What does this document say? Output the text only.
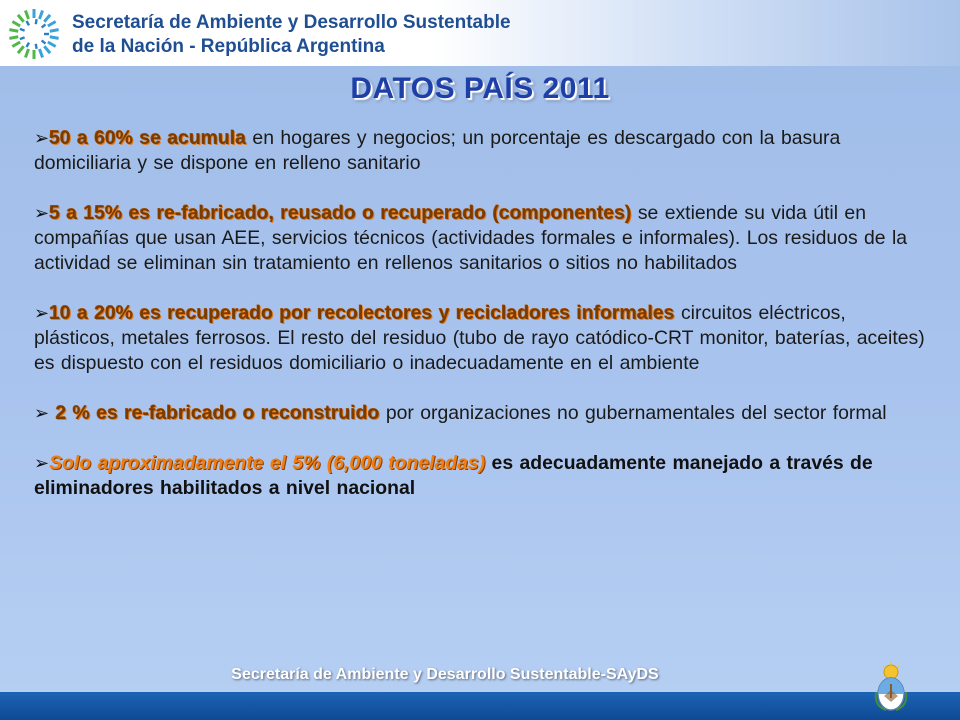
Secretaría de Ambiente y Desarrollo Sustentable
de la Nación - República Argentina
DATOS PAÍS 2011

➢50 a 60% se acumula en hogares y negocios; un porcentaje es descargado con la basura domiciliaria y se dispone en relleno sanitario

➢5 a 15% es re-fabricado, reusado o recuperado (componentes) se extiende su vida útil en compañías que usan AEE, servicios técnicos (actividades formales e informales). Los residuos de la actividad se eliminan sin tratamiento en rellenos sanitarios o sitios no habilitados

➢10 a 20% es recuperado por recolectores y recicladores informales circuitos eléctricos, plásticos, metales ferrosos. El resto del residuo (tubo de rayo catódico-CRT monitor, baterías, aceites) es dispuesto con el residuos domiciliario o inadecuadamente en el ambiente

➢ 2 % es re-fabricado o reconstruido por organizaciones no gubernamentales del sector formal

➢Solo aproximadamente el 5% (6,000 toneladas) es adecuadamente manejado a través de eliminadores habilitados a nivel nacional

Secretaría de Ambiente y Desarrollo Sustentable-SAyDS
